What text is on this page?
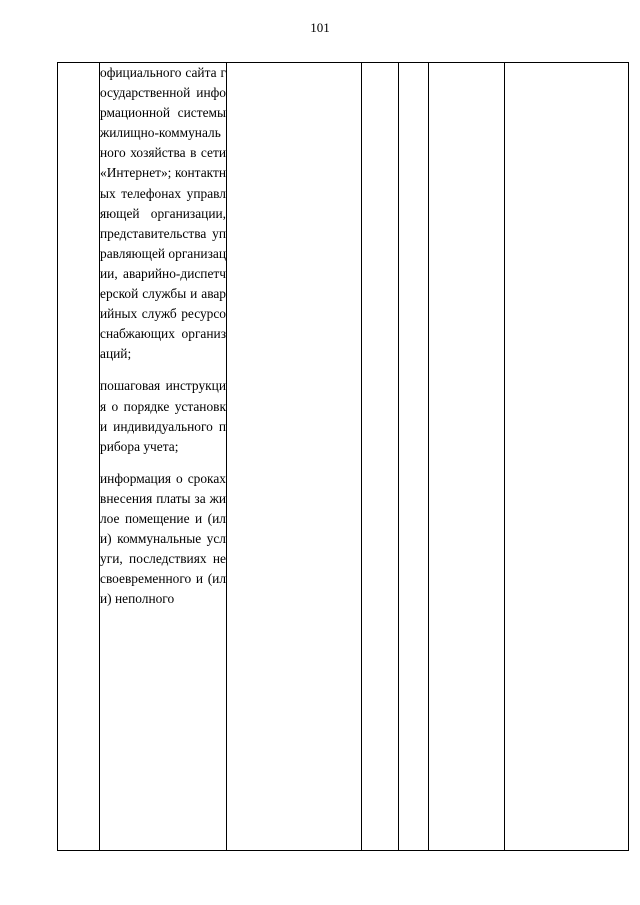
101

официального сайта государственной информационной системы жилищно-коммунального хозяйства в сети «Интернет»; контактных телефонах управляющей организации, представительства управляющей организации, аварийно-диспетчерской службы и аварийных служб ресурсоснабжающих организаций;

пошаговая инструкция о порядке установки индивидуального прибора учета;

информация о сроках внесения платы за жилое помещение и (или) коммунальные услуги, последствиях несвоевременного и (или) неполного
